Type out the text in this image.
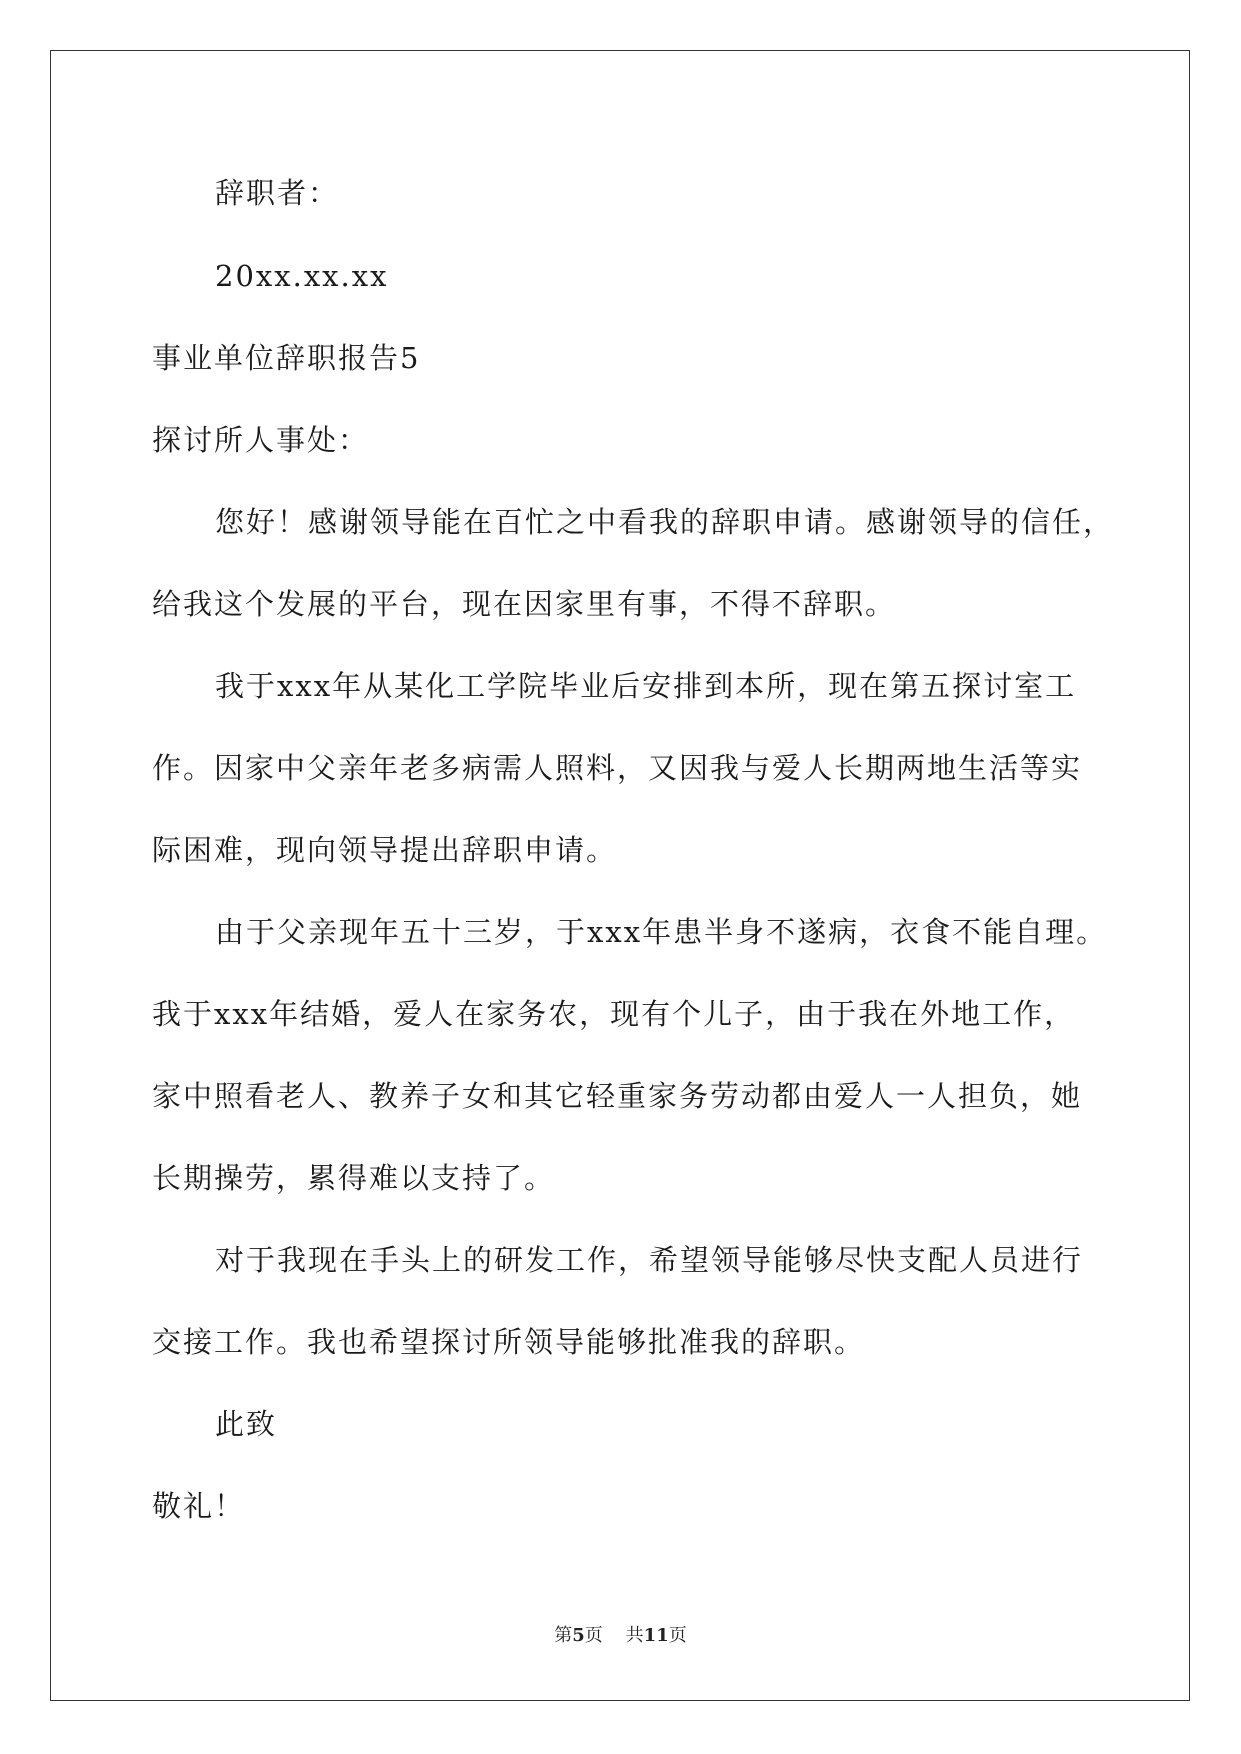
辞职者：
20xx.xx.xx
事业单位辞职报告5
探讨所人事处：
您好！感谢领导能在百忙之中看我的辞职申请。感谢领导的信任，
给我这个发展的平台，现在因家里有事，不得不辞职。
我于xxx年从某化工学院毕业后安排到本所，现在第五探讨室工
作。因家中父亲年老多病需人照料，又因我与爱人长期两地生活等实
际困难，现向领导提出辞职申请。
由于父亲现年五十三岁，于xxx年患半身不遂病，衣食不能自理。
我于xxx年结婚，爱人在家务农，现有个儿子，由于我在外地工作，
家中照看老人、教养子女和其它轻重家务劳动都由爱人一人担负，她
长期操劳，累得难以支持了。
对于我现在手头上的研发工作，希望领导能够尽快支配人员进行
交接工作。我也希望探讨所领导能够批准我的辞职。
此致
敬礼！
第5页 共11页
